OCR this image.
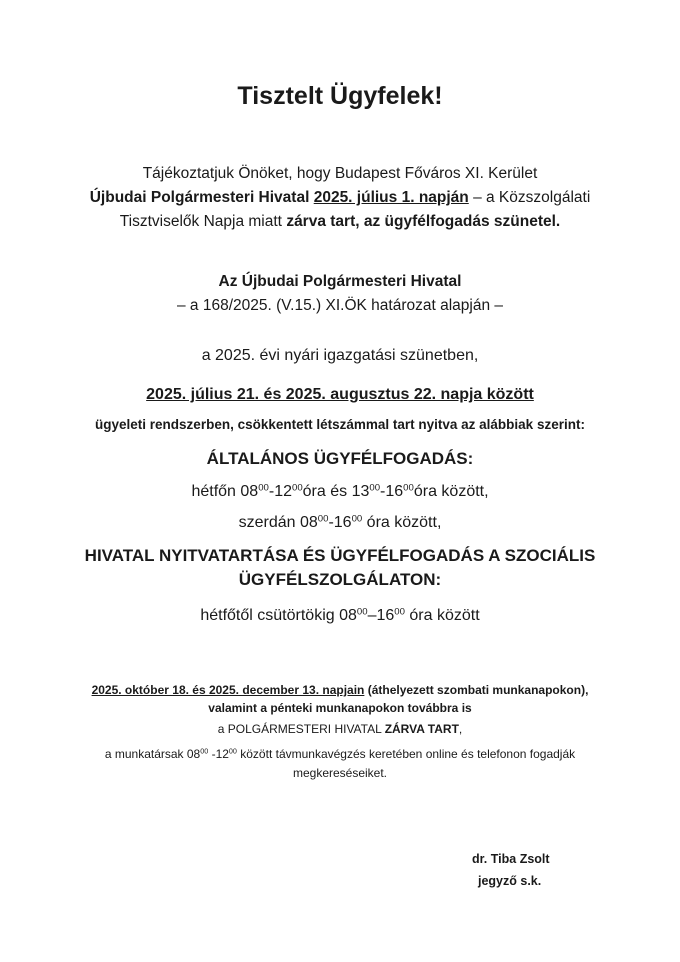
Tisztelt Ügyfelek!
Tájékoztatjuk Önöket, hogy Budapest Főváros XI. Kerület
Újbudai Polgármesteri Hivatal 2025. július 1. napján – a Közszolgálati
Tisztviselők Napja miatt zárva tart, az ügyfélfogadás szünetel.
Az Újbudai Polgármesteri Hivatal
– a 168/2025. (V.15.) XI.ÖK határozat alapján –
a 2025. évi nyári igazgatási szünetben,
2025. július 21. és 2025. augusztus 22. napja között
ügyeleti rendszerben, csökkentett létszámmal tart nyitva az alábbiak szerint:
ÁLTALÁNOS ÜGYFÉLFOGADÁS:
hétfőn $08^{00}-12^{00}óra$ és $13^{00}-16^{00}óra$ között,
szerdán $08^{00}-16^{00}$ óra között,
HIVATAL NYITVATARTÁSA ÉS ÜGYFÉLFOGADÁS A SZOCIÁLIS
ÜGYFÉLSZOLGÁLATON:
hétfőtől csütörtökig $08^{00}-16^{00}$ óra között
2025. október 18. és 2025. december 13. napjain (áthelyezett szombati munkanapokon),
valamint a pénteki munkanapokon továbbra is
a POLGÁRMESTERI HIVATAL ZÁRVA TART,
a munkatársak $08^{00}$ $-12^{00}$ között távmunkavégzés keretében online és telefonon fogadják
megkereséseiket.
dr. Tiba Zsolt
jegyző s.k.
